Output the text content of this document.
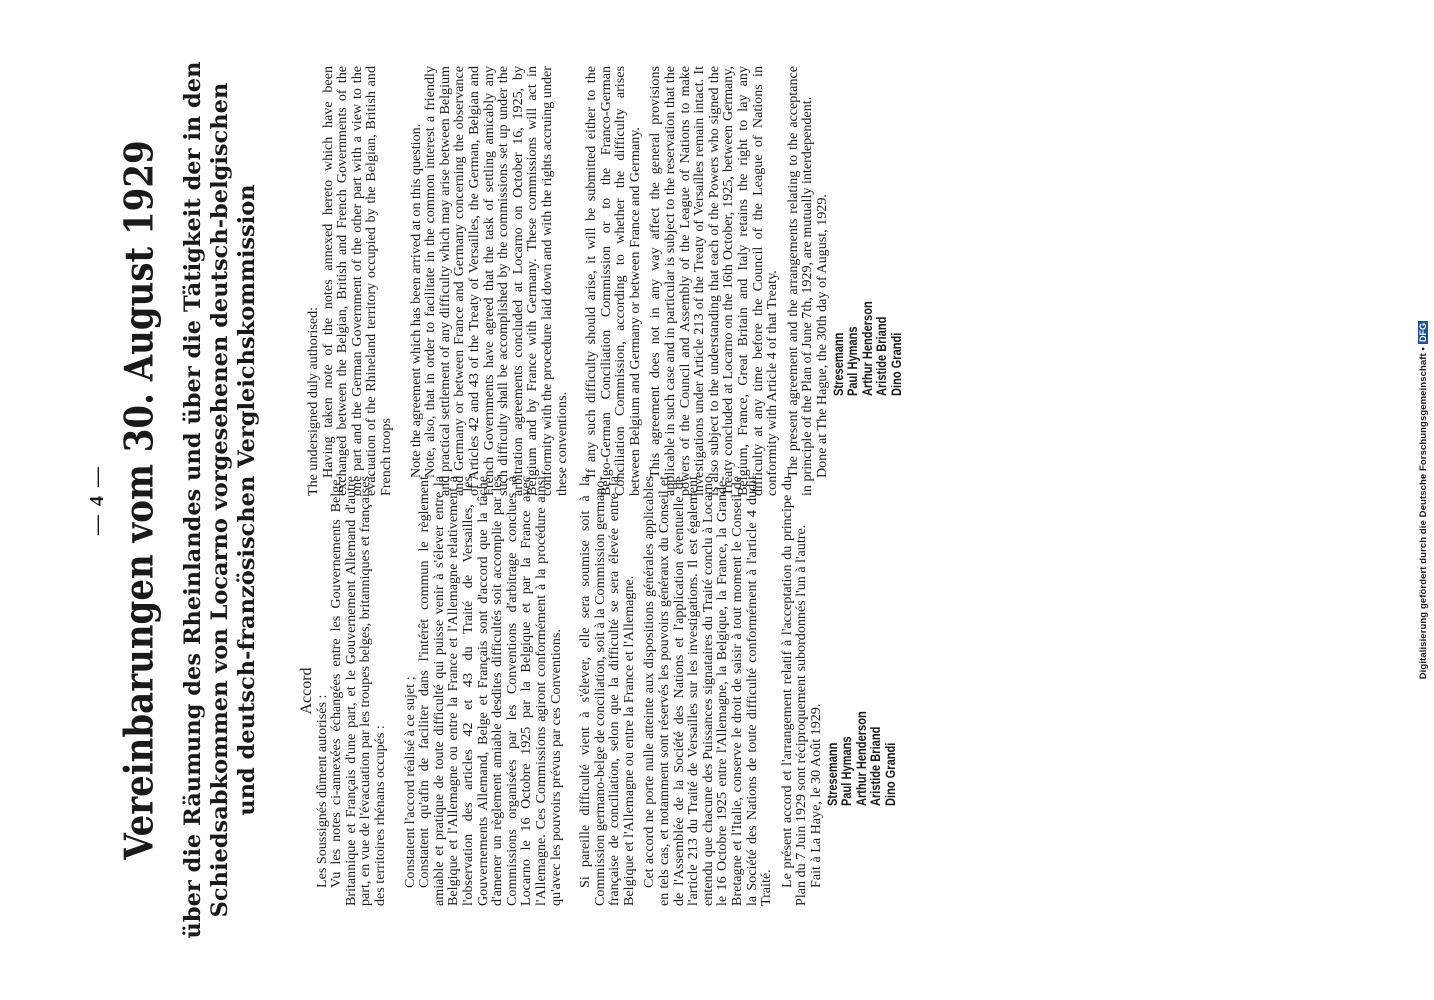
— 4 — Vereinbarungen vom 30. August 1929 über die Räumung des Rheinlandes und über die Tätigkeit der in den Schiedsabkommen von Locarno vorgesehenen deutsch-belgischen und deutsch-französischen Vergleichskommission Accord

Les Soussignés dûment autorisés :

Vu les notes ci-annexées échangées entre les Gouvernements Belge, Britannique et Français d'une part, et le Gouvernement Allemand d'autre part, en vue de l'évacuation par les troupes belges, britanniques et françaises des territoires rhénans occupés : Constatent l'accord réalisé à ce sujet ;

Constatent qu'afin de faciliter dans l'intérêt commun le règlement amiable et pratique de toute difficulté qui puisse venir à s'élever entre la Belgique et l'Allemagne ou entre la France et l'Allemagne relativement à l'observation des articles 42 et 43 du Traité de Versailles, les Gouvernements Allemand, Belge et Français sont d'accord que la tâche d'amener un règlement amiable desdites difficultés soit accomplie par les Commissions organisées par les Conventions d'arbitrage conclues à Locarno le 16 Octobre 1925 par la Belgique et par la France avec l'Allemagne. Ces Commissions agiront conformément à la procédure ainsi qu'avec les pouvoirs prévus par ces Conventions. Si pareille difficulté vient à s'élever, elle sera soumise soit à la Commission germano-belge de conciliation, soit à la Commission germano-française de conciliation, selon que la difficulté se sera élevée entre la Belgique et l'Allemagne ou entre la France et l'Allemagne. Cet accord ne porte nulle atteinte aux dispositions générales applicables en tels cas, et notamment sont réservés les pouvoirs généraux du Conseil et de l'Assemblée de la Société des Nations et l'application éventuelle de l'article 213 du Traité de Versailles sur les investigations. Il est également entendu que chacune des Puissances signataires du Traité conclu à Locarno le 16 Octobre 1925 entre l'Allemagne, la Belgique, la France, la Grande-Bretagne et l'Italie, conserve le droit de saisir à tout moment le Conseil de la Société des Nations de toute difficulté conformément à l'article 4 dudit Traité. Le présent accord et l'arrangement relatif à l'acceptation du principe du Plan du 7 Juin 1929 sont réciproquement subordonnés l'un à l'autre.

Fait à La Haye, le 30 Août 1929. Stresemann Paul Hymans Arthur Henderson Aristide Briand Dino Grandi

The undersigned duly authorised:

Having taken note of the notes annexed hereto which have been exchanged between the Belgian, British and French Governments of the one part and the German Government of the other part with a view to the evacuation of the Rhineland territory occupied by the Belgian, British and French troops Note the agreement which has been arrived at on this question.

Note, also, that in order to facilitate in the common interest a friendly and practical settlement of any difficulty which may arise between Belgium and Germany or between France and Germany concerning the observance of Articles 42 and 43 of the Treaty of Versailles, the German, Belgian and French Governments have agreed that the task of settling amicably any such difficulty shall be accomplished by the commissions set up under the arbitration agreements concluded at Locarno on October 16, 1925, by Belgium and by France with Germany. These commissions will act in conformity with the procedure laid down and with the rights accruing under these conventions. If any such difficulty should arise, it will be submitted either to the Belgo-German Conciliation Commission or to the Franco-German Conciliation Commission, according to whether the difficulty arises between Belgium and Germany or between France and Germany. This agreement does not in any way affect the general provisions applicable in such case and in particular is subject to the reservation that the powers of the Council and Assembly of the League of Nations to make investigations under Article 213 of the Treaty of Versailles remain intact. It is also subject to the understanding that each of the Powers who signed the Treaty concluded at Locarno on the 16th October, 1925, between Germany, Belgium, France, Great Britain and Italy retains the right to lay any difficulty at any time before the Council of the League of Nations in conformity with Article 4 of that Treaty. The present agreement and the arrangements relating to the acceptance in principle of the Plan of June 7th, 1929, are mutually interdependent.

Done at The Hague, the 30th day of August, 1929. Stresemann Paul Hymans Arthur Henderson Aristide Briand Dino Grandi	Digitalisierung gefördert durch die Deutsche Forschungsgemeinschaft •DFG
